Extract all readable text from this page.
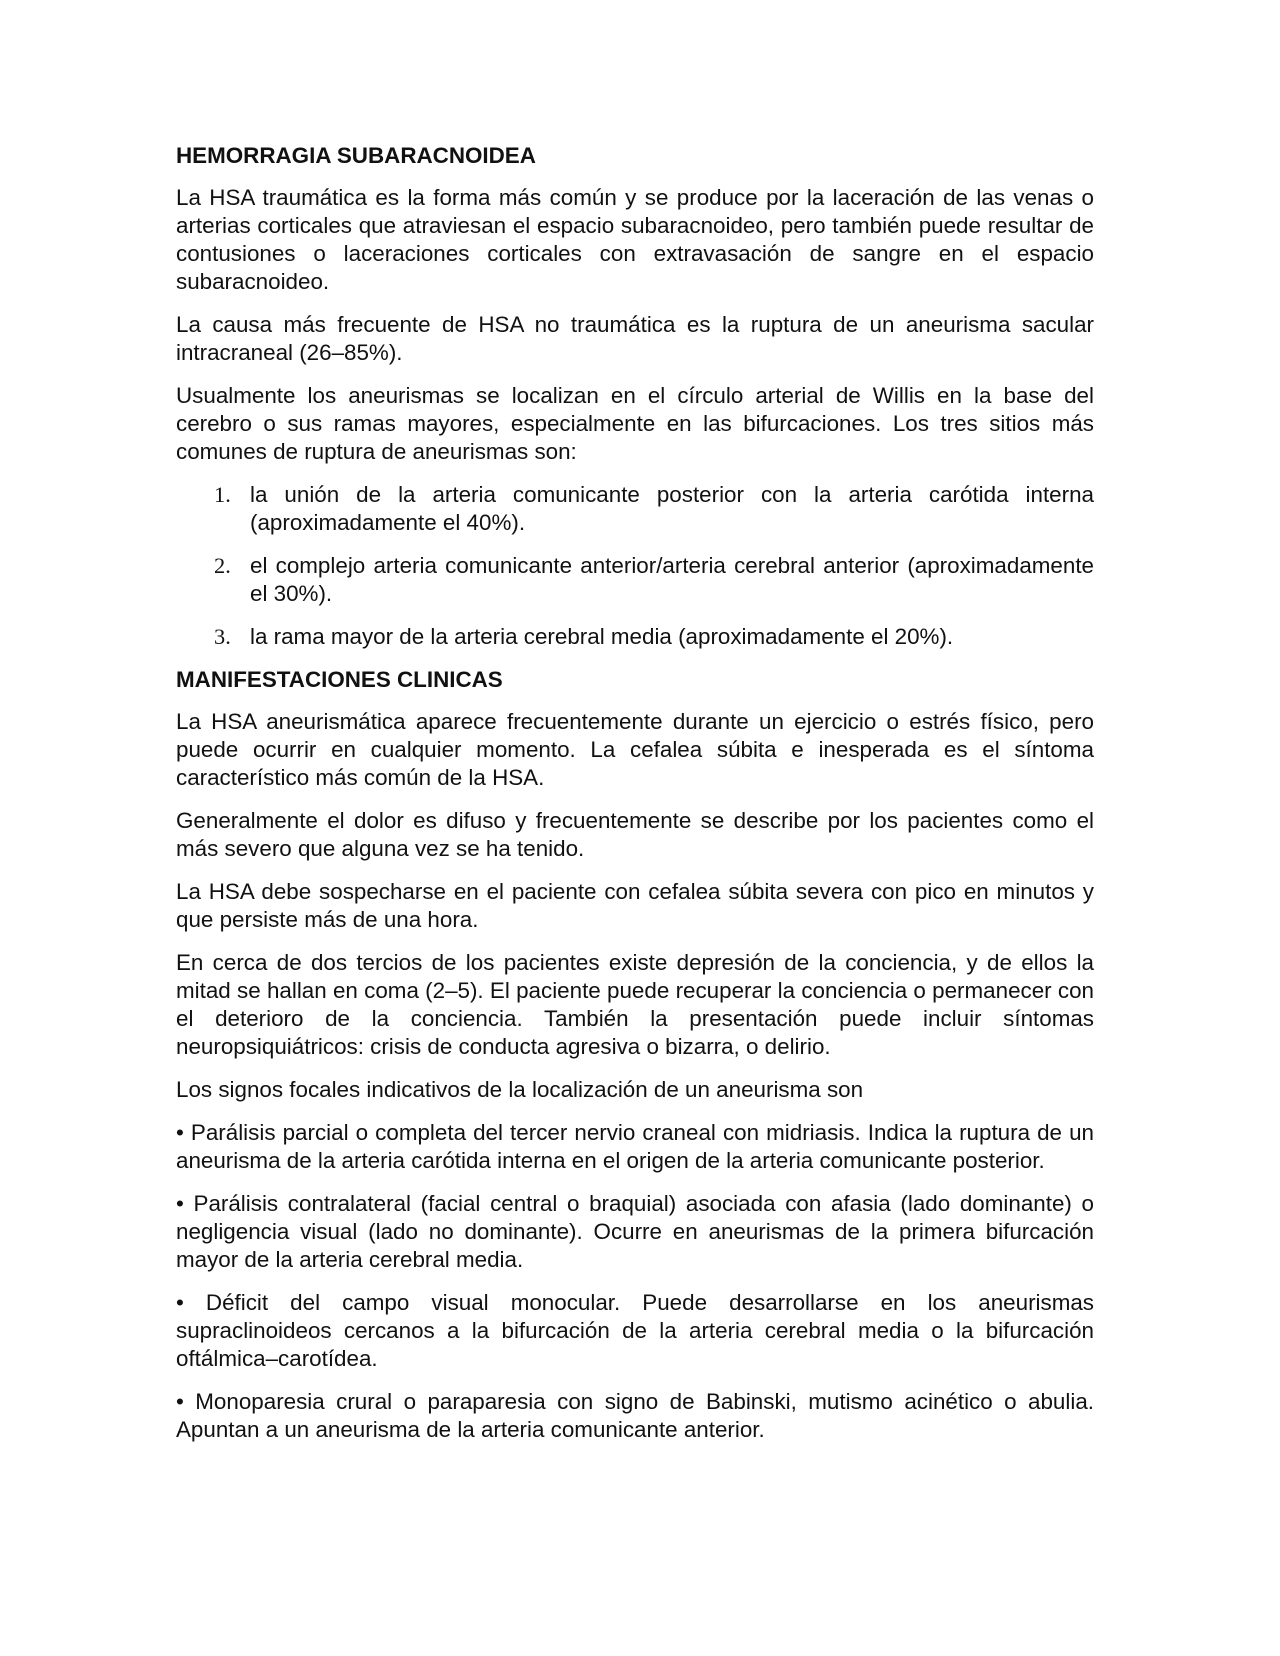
HEMORRAGIA SUBARACNOIDEA

La HSA traumática es la forma más común y se produce por la laceración de las venas o arterias corticales que atraviesan el espacio subaracnoideo, pero también puede resultar de contusiones o laceraciones corticales con extravasación de sangre en el espacio subaracnoideo.

La causa más frecuente de HSA no traumática es la ruptura de un aneurisma sacular intracraneal (26–85%).

Usualmente los aneurismas se localizan en el círculo arterial de Willis en la base del cerebro o sus ramas mayores, especialmente en las bifurcaciones. Los tres sitios más comunes de ruptura de aneurismas son:

1. la unión de la arteria comunicante posterior con la arteria carótida interna (aproximadamente el 40%).
2. el complejo arteria comunicante anterior/arteria cerebral anterior (aproximadamente el 30%).
3. la rama mayor de la arteria cerebral media (aproximadamente el 20%).
MANIFESTACIONES CLINICAS

La HSA aneurismática aparece frecuentemente durante un ejercicio o estrés físico, pero puede ocurrir en cualquier momento. La cefalea súbita e inesperada es el síntoma característico más común de la HSA.

Generalmente el dolor es difuso y frecuentemente se describe por los pacientes como el más severo que alguna vez se ha tenido.

La HSA debe sospecharse en el paciente con cefalea súbita severa con pico en minutos y que persiste más de una hora.

En cerca de dos tercios de los pacientes existe depresión de la conciencia, y de ellos la mitad se hallan en coma (2–5). El paciente puede recuperar la conciencia o permanecer con el deterioro de la conciencia. También la presentación puede incluir síntomas neuropsiquiátricos: crisis de conducta agresiva o bizarra, o delirio.

Los signos focales indicativos de la localización de un aneurisma son

• Parálisis parcial o completa del tercer nervio craneal con midriasis. Indica la ruptura de un aneurisma de la arteria carótida interna en el origen de la arteria comunicante posterior.

• Parálisis contralateral (facial central o braquial) asociada con afasia (lado dominante) o negligencia visual (lado no dominante). Ocurre en aneurismas de la primera bifurcación mayor de la arteria cerebral media.

• Déficit del campo visual monocular. Puede desarrollarse en los aneurismas supraclinoideos cercanos a la bifurcación de la arteria cerebral media o la bifurcación oftálmica–carotídea.

• Monoparesia crural o paraparesia con signo de Babinski, mutismo acinético o abulia. Apuntan a un aneurisma de la arteria comunicante anterior.
